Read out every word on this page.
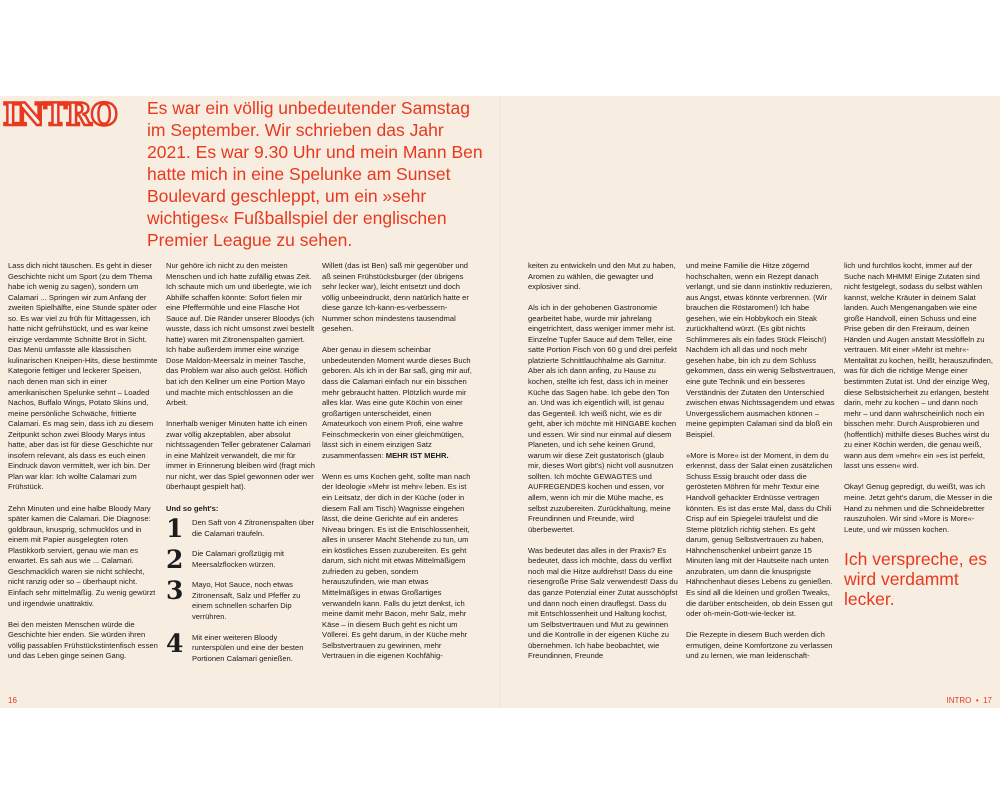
INTRO Es war ein völlig unbedeutender Samstag im September. Wir schrieben das Jahr 2021. Es war 9.30 Uhr und mein Mann Ben hatte mich in eine Spelunke am Sunset Boulevard geschleppt, um ein »sehr wichtiges« Fußballspiel der englischen Premier League zu sehen.

Lass dich nicht täuschen. Es geht in dieser Geschichte nicht um Sport (zu dem Thema habe ich wenig zu sagen), sondern um Calamari ... Springen wir zum Anfang der zweiten Spielhälfte, eine Stunde später oder so. Es war viel zu früh für Mittagessen, ich hatte nicht gefrühstückt, und es war keine einzige verdammte Schnitte Brot in Sicht. Das Menü umfasste alle klassischen kulinarischen Kneipen-Hits, diese bestimmte Kategorie fettiger und leckerer Speisen, nach denen man sich in einer amerikanischen Spelunke sehnt – Loaded Nachos, Buffalo Wings, Potato Skins und, meine persönliche Schwäche, frittierte Calamari. Es mag sein, dass ich zu diesem Zeitpunkt schon zwei Bloody Marys intus hatte, aber das ist für diese Geschichte nur insofern relevant, als dass es euch einen Eindruck davon vermittelt, wer ich bin. Der Plan war klar: Ich wollte Calamari zum Frühstück.

Zehn Minuten und eine halbe Bloody Mary später kamen die Calamari. Die Diagnose: goldbraun, knusprig, schmucklos und in einem mit Papier ausgelegten roten Plastikkorb serviert, genau wie man es erwartet. Es sah aus wie ... Calamari. Geschmacklich waren sie nicht schlecht, nicht ranzig oder so – überhaupt nicht. Einfach sehr mittelmäßig. Zu wenig gewürzt und irgendwie unattraktiv.

Bei den meisten Menschen würde die Geschichte hier enden. Sie würden ihren völlig passablen Frühstückstintenfisch essen und das Leben ginge seinen Gang.

Nur gehöre ich nicht zu den meisten Menschen und ich hatte zufällig etwas Zeit. Ich schaute mich um und überlegte, wie ich Abhilfe schaffen könnte: Sofort fielen mir eine Pfeffermühle und eine Flasche Hot Sauce auf. Die Ränder unserer Bloodys (ich wusste, dass ich nicht umsonst zwei bestellt hatte) waren mit Zitronenspalten garniert. Ich habe außerdem immer eine winzige Dose Maldon-Meersalz in meiner Tasche, das Problem war also auch gelöst. Höflich bat ich den Kellner um eine Portion Mayo und machte mich entschlossen an die Arbeit.

Innerhalb weniger Minuten hatte ich einen zwar völlig akzeptablen, aber absolut nichtssagenden Teller gebratener Calamari in eine Mahlzeit verwandelt, die mir für immer in Erinnerung bleiben wird (fragt mich nur nicht, wer das Spiel gewonnen oder wer überhaupt gespielt hat).

Und so geht's:
1	Den Saft von 4 Zitronenspalten über die Calamari träufeln.
2	Die Calamari großzügig mit Meersalzflocken würzen.
3	Mayo, Hot Sauce, noch etwas Zitronensaft, Salz und Pfeffer zu einem schnellen scharfen Dip verrühren.
4	Mit einer weiteren Bloody runterspülen und eine der besten Portionen Calamari genießen.

Willett (das ist Ben) saß mir gegenüber und aß seinen Frühstücksburger (der übrigens sehr lecker war), leicht entsetzt und doch völlig unbeeindruckt, denn natürlich hatte er diese ganze Ich-kann-es-verbessern-Nummer schon mindestens tausendmal gesehen.

Aber genau in diesem scheinbar unbedeutenden Moment wurde dieses Buch geboren. Als ich in der Bar saß, ging mir auf, dass die Calamari einfach nur ein bisschen mehr gebraucht hatten. Plötzlich wurde mir alles klar. Was eine gute Köchin von einer großartigen unterscheidet, einen Amateurkoch von einem Profi, eine wahre Feinschmeckerin von einer gleichmütigen, lässt sich in einem einzigen Satz zusammenfassen: MEHR IST MEHR.

Wenn es ums Kochen geht, sollte man nach der Ideologie »Mehr ist mehr« leben. Es ist ein Leitsatz, der dich in der Küche (oder in diesem Fall am Tisch) Wagnisse eingehen lässt, die deine Gerichte auf ein anderes Niveau bringen. Es ist die Entschlossenheit, alles in unserer Macht Stehende zu tun, um ein köstliches Essen zuzubereiten. Es geht darum, sich nicht mit etwas Mittelmäßigem zufrieden zu geben, sondern herauszufinden, wie man etwas Mittelmäßiges in etwas Großartiges verwandeln kann. Falls du jetzt denkst, ich meine damit mehr Bacon, mehr Salz, mehr Käse – in diesem Buch geht es nicht um Völlerei. Es geht darum, in der Küche mehr Selbstvertrauen zu gewinnen, mehr Vertrauen in die eigenen Kochfähig-

16

keiten zu entwickeln und den Mut zu haben, Aromen zu wählen, die gewagter und explosiver sind.

Als ich in der gehobenen Gastronomie gearbeitet habe, wurde mir jahrelang eingetrichtert, dass weniger immer mehr ist. Einzelne Tupfer Sauce auf dem Teller, eine satte Portion Fisch von 60 g und drei perfekt platzierte Schnittlauchhalme als Garnitur. Aber als ich dann anfing, zu Hause zu kochen, stellte ich fest, dass ich in meiner Küche das Sagen habe. Ich gebe den Ton an. Und was ich eigentlich will, ist genau das Gegenteil. Ich weiß nicht, wie es dir geht, aber ich möchte mit HINGABE kochen und essen. Wir sind nur einmal auf diesem Planeten, und ich sehe keinen Grund, warum wir diese Zeit gustatorisch (glaub mir, dieses Wort gibt's) nicht voll ausnutzen sollten. Ich möchte GEWAGTES und AUFREGENDES kochen und essen, vor allem, wenn ich mir die Mühe mache, es selbst zuzubereiten. Zurückhaltung, meine Freundinnen und Freunde, wird überbewertet.

Was bedeutet das alles in der Praxis? Es bedeutet, dass ich möchte, dass du verflixt noch mal die Hitze aufdrehst! Dass du eine riesengroße Prise Salz verwendest! Dass du das ganze Potenzial einer Zutat ausschöpfst und dann noch einen drauflegst. Dass du mit Entschlossenheit und Haltung kochst, um Selbstvertrauen und Mut zu gewinnen und die Kontrolle in der eigenen Küche zu übernehmen. Ich habe beobachtet, wie Freundinnen, Freunde

und meine Familie die Hitze zögernd hochschalten, wenn ein Rezept danach verlangt, und sie dann instinktiv reduzieren, aus Angst, etwas könnte verbrennen. (Wir brauchen die Röstaromen!) Ich habe gesehen, wie ein Hobbykoch ein Steak zurückhaltend würzt. (Es gibt nichts Schlimmeres als ein fades Stück Fleisch!) Nachdem ich all das und noch mehr gesehen habe, bin ich zu dem Schluss gekommen, dass ein wenig Selbstvertrauen, eine gute Technik und ein besseres Verständnis der Zutaten den Unterschied zwischen etwas Nichtssagendem und etwas Unvergesslichem ausmachen können – meine gepimpten Calamari sind da bloß ein Beispiel.

»More is More« ist der Moment, in dem du erkennst, dass der Salat einen zusätzlichen Schuss Essig braucht oder dass die gerösteten Möhren für mehr Textur eine Handvoll gehackter Erdnüsse vertragen könnten. Es ist das erste Mal, dass du Chili Crisp auf ein Spiegelei träufelst und die Sterne plötzlich richtig stehen. Es geht darum, genug Selbstvertrauen zu haben, Hähnchenschenkel unbeirrt ganze 15 Minuten lang mit der Hautseite nach unten anzubraten, um dann die knusprigste Hähnchenhaut dieses Lebens zu genießen. Es sind all die kleinen und großen Tweaks, die darüber entscheiden, ob dein Essen gut oder oh-mein-Gott-wie-lecker ist.

Die Rezepte in diesem Buch werden dich ermutigen, deine Komfortzone zu verlassen und zu lernen, wie man leidenschaft-

lich und furchtlos kocht, immer auf der Suche nach MHMM! Einige Zutaten sind nicht festgelegt, sodass du selbst wählen kannst, welche Kräuter in deinem Salat landen. Auch Mengenangaben wie eine große Handvoll, einen Schuss und eine Prise geben dir den Freiraum, deinen Händen und Augen anstatt Messlöffeln zu vertrauen. Mit einer »Mehr ist mehr«-Mentalität zu kochen, heißt, herauszufinden, was für dich die richtige Menge einer bestimmten Zutat ist. Und der einzige Weg, diese Selbstsicherheit zu erlangen, besteht darin, mehr zu kochen – und dann noch mehr – und dann wahrscheinlich noch ein bisschen mehr. Durch Ausprobieren und (hoffentlich) mithilfe dieses Buches wirst du zu einer Köchin werden, die genau weiß, wann aus dem »mehr« ein »es ist perfekt, lasst uns essen« wird.

Okay! Genug gepredigt, du weißt, was ich meine. Jetzt geht's darum, die Messer in die Hand zu nehmen und die Schneidebretter rauszuholen. Wir sind »More is More«-Leute, und wir müssen kochen.

Ich verspreche, es wird verdammt lecker.

INTRO  •  17
